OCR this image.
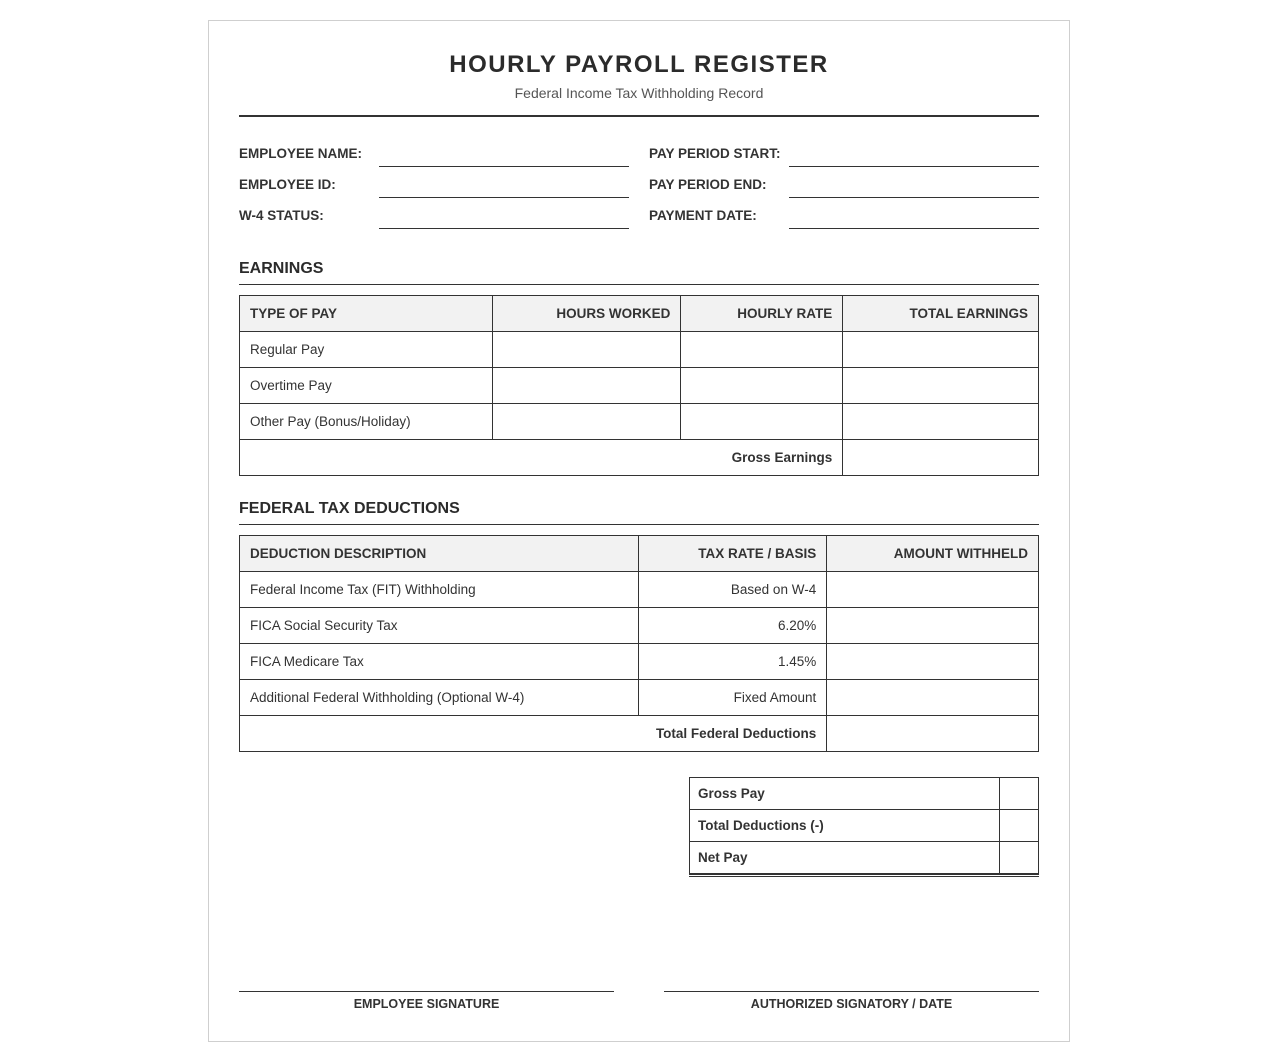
HOURLY PAYROLL REGISTER
Federal Income Tax Withholding Record
EMPLOYEE NAME:
EMPLOYEE ID:
W-4 STATUS:
PAY PERIOD START:
PAY PERIOD END:
PAYMENT DATE:
EARNINGS
TYPE OF PAY	HOURS WORKED	HOURLY RATE	TOTAL EARNINGS
Regular Pay			
Overtime Pay			
Other Pay (Bonus/Holiday)			
Gross Earnings			
FEDERAL TAX DEDUCTIONS
DEDUCTION DESCRIPTION	TAX RATE / BASIS	AMOUNT WITHHELD
Federal Income Tax (FIT) Withholding	Based on W-4	
FICA Social Security Tax	6.20%	
FICA Medicare Tax	1.45%	
Additional Federal Withholding (Optional W-4)	Fixed Amount	
Total Federal Deductions		
Gross Pay	
Total Deductions (-)	
Net Pay	
EMPLOYEE SIGNATURE	AUTHORIZED SIGNATORY / DATE
